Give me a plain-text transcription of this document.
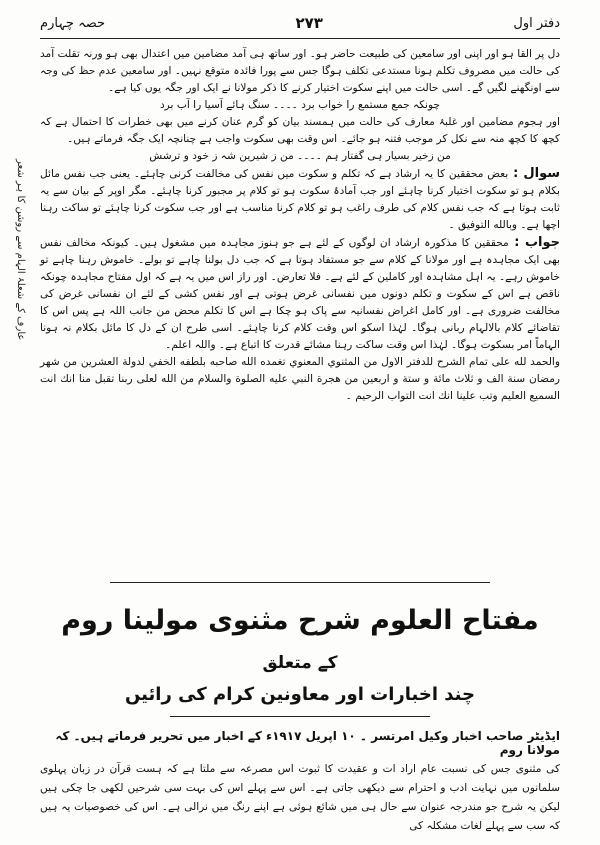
دفتر اول
۲۷۳
حصہ چہارم
عارف کے شعلۂ الہام سے روشن کا ہر شعر

دل پر القا ہو اور اپنی اور سامعین کی طبیعت حاضر ہو۔ اور ساتھ ہی آمد مضامین میں اعتدال بھی ہو ورنہ تقلت آمد کی حالت میں مصروف تکلم ہونا مستدعی تکلف ہوگا جس سے پورا فائدہ متوقع نہیں۔ اور سامعین عدم حظ کی وجہ سے اونگھنے لگیں گے۔ اسی حالت میں اپنے سکوت اختیار کرنے کا ذکر مولانا نے ایک اور جگہ یوں کیا ہے۔

چونکہ جمع مستمع را خواب برد ۔۔۔۔ سنگ ہائے آسیا را آب برد

اور ہجوم مضامین اور غلبۂ معارف کی حالت میں ہمسند بیان کو گرم عنان کرنے میں بھی خطرات کا احتمال ہے کہ کچھ کا کچھ منہ سے نکل کر موجب فتنہ ہو جائے۔ اس وقت بھی سکوت واجب ہے چنانچہ ایک جگہ فرماتے ہیں۔

من زخیر بسیار ہی گفتار ہم ۔۔۔۔ من ز شیرین شہ ز خود و ترشش

سوال : بعض محققین کا یہ ارشاد ہے کہ تکلم و سکوت میں نفس کی مخالفت کرنی چاہئے۔ یعنی جب نفس مائل بکلام ہو تو سکوت اختیار کرنا چاہئے اور جب آمادۂ سکوت ہو تو کلام پر مجبور کرنا چاہئے۔ مگر اوپر کے بیان سے یہ ثابت ہوتا ہے کہ جب نفس کلام کی طرف راغب ہو تو کلام کرنا مناسب ہے اور جب سکوت کرنا چاہئے تو ساکت رہنا اچھا ہے۔ وبالله التوفيق ۔

جواب : محققین کا مذکورہ ارشاد ان لوگوں کے لئے ہے جو ہنوز مجاہدہ میں مشغول ہیں۔ کیونکہ مخالف نفس بھی ایک مجاہدہ ہے اور مولانا کے کلام سے جو مستفاد ہوتا ہے کہ جب دل بولنا چاہے تو بولے۔ خاموش رہنا چاہے تو خاموش رہے۔ یہ اہل مشاہدہ اور کاملین کے لئے ہے۔ فلا تعارض۔ اور راز اس میں یہ ہے کہ اول مفتاح مجاہدہ چونکہ ناقص ہے اس کے سکوت و تکلم دونوں میں نفسانی غرض ہوتی ہے اور نفس کشی کے لئے ان نفسانی غرض کی مخالفت ضروری ہے۔ اور کامل اغراض نفسانیہ سے پاک ہو چکا ہے اس کا تکلم محض من جانب اللہ ہے پس اس کا تقاضائے کلام بالالہام ربانی ہوگا۔ لہٰذا اسکو اس وقت کلام کرنا چاہئے۔ اسی طرح ان کے دل کا مائل بکلام نہ ہونا الہاماً امر بسکوت ہوگا۔ لہٰذا اس وقت ساکت رہنا مشائے قدرت کا اتباع ہے۔ واللہ اعلم۔

والحمد لله على تمام الشرح للدفتر الاول من المثنوي المعنوي تغمده الله صاحبه بلطفه الخفي لدولة العشرين من شهر رمضان سنة الف و ثلاث مائة و ستة و اربعين من هجرة النبي عليه الصلوة والسلام من الله لعلى ربنا تقبل منا انك انت السميع العليم وتب علينا انك انت التواب الرحيم ۔

مفتاح العلوم شرح مثنوی مولینا روم
کے متعلق
چند اخبارات اور معاونین کرام کی رائیں
ایڈیٹر صاحب اخبار وکیل امرتسر ۔ ۱۰ اپریل ۱۹۱۷ء کے اخبار میں تحریر فرماتے ہیں۔ کہ مولانا روم
کی مثنوی جس کی نسبت عام اراد ات و عقیدت کا ثبوت اس مصرعہ سے ملتا ہے کہ ہست قرآن در زبان پہلوی سلمانوں میں نہایت ادب و احترام سے دیکھی جاتی ہے۔ اس سے پہلے اس کی بہت سی شرحیں لکھی جا چکی ہیں لیکن یہ شرح جو مندرجہ عنوان سے حال ہی میں شائع ہوئی ہے اپنے رنگ میں نرالی ہے۔ اس کی خصوصیات یہ ہیں کہ سب سے پہلے لغات مشکلہ کی
